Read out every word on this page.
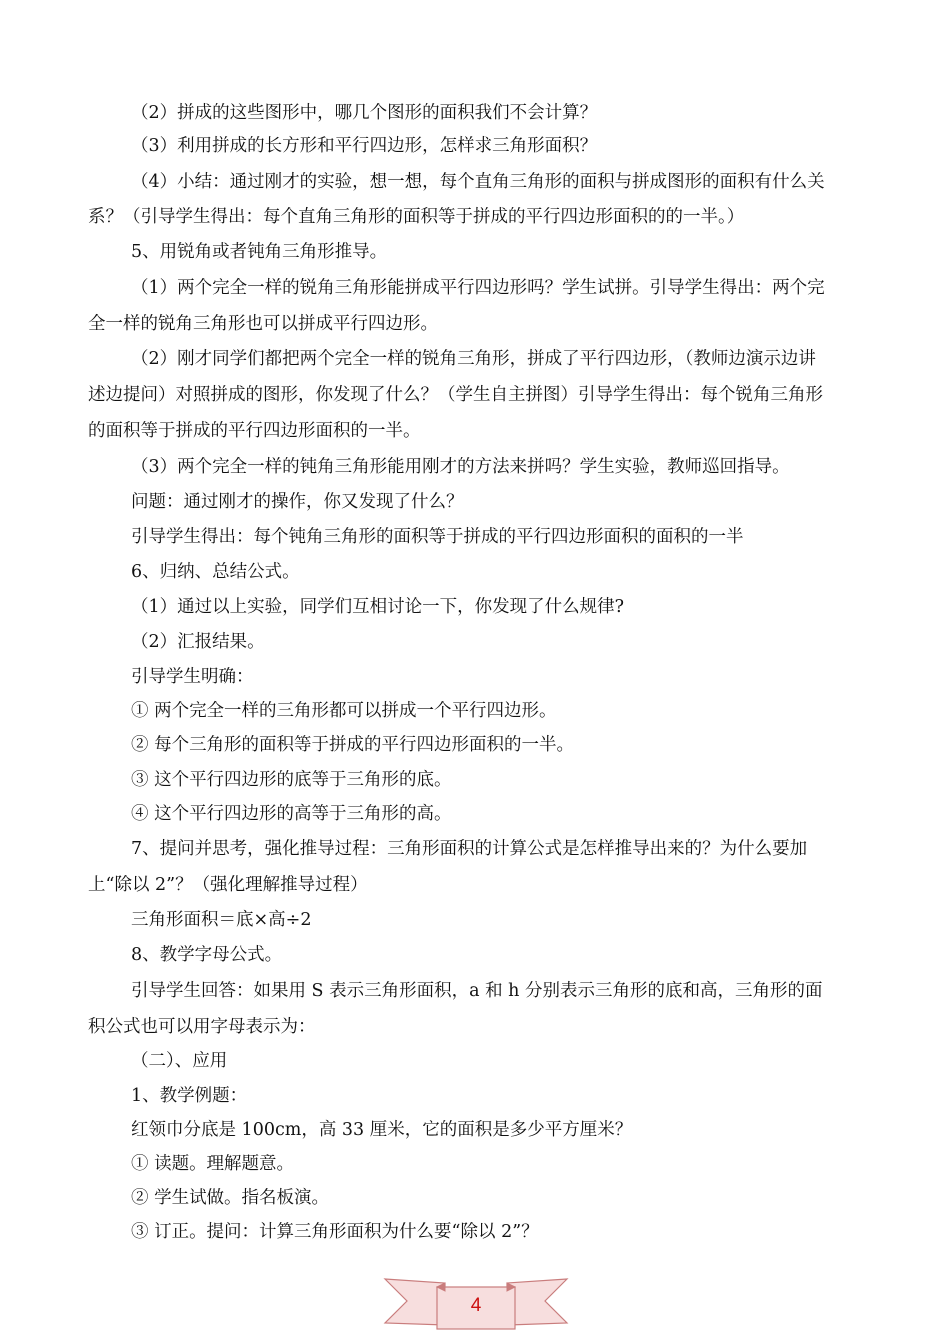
（2）拼成的这些图形中，哪几个图形的面积我们不会计算？
（3）利用拼成的长方形和平行四边形，怎样求三角形面积？
（4）小结：通过刚才的实验，想一想，每个直角三角形的面积与拼成图形的面积有什么关
系？（引导学生得出：每个直角三角形的面积等于拼成的平行四边形面积的的一半。）
5、用锐角或者钝角三角形推导。
（1）两个完全一样的锐角三角形能拼成平行四边形吗？学生试拼。引导学生得出：两个完
全一样的锐角三角形也可以拼成平行四边形。
（2）刚才同学们都把两个完全一样的锐角三角形，拼成了平行四边形，（教师边演示边讲
述边提问）对照拼成的图形，你发现了什么？（学生自主拼图）引导学生得出：每个锐角三角形
的面积等于拼成的平行四边形面积的一半。
（3）两个完全一样的钝角三角形能用刚才的方法来拼吗？学生实验，教师巡回指导。
问题：通过刚才的操作，你又发现了什么？
引导学生得出：每个钝角三角形的面积等于拼成的平行四边形面积的面积的一半
6、归纳、总结公式。
（1）通过以上实验，同学们互相讨论一下，你发现了什么规律?
（2）汇报结果。
引导学生明确：
① 两个完全一样的三角形都可以拼成一个平行四边形。
② 每个三角形的面积等于拼成的平行四边形面积的一半。
③ 这个平行四边形的底等于三角形的底。
④ 这个平行四边形的高等于三角形的高。
7、提问并思考，强化推导过程：三角形面积的计算公式是怎样推导出来的？为什么要加
上“除以 2”？（强化理解推导过程）
三角形面积＝底×高÷2
8、教学字母公式。
引导学生回答：如果用 S 表示三角形面积，a 和 h 分别表示三角形的底和高，三角形的面
积公式也可以用字母表示为：
（二）、应用
1、教学例题：
红领巾分底是 100cm，高 33 厘米，它的面积是多少平方厘米？
① 读题。理解题意。
② 学生试做。指名板演。
③ 订正。提问：计算三角形面积为什么要“除以 2”？
4
